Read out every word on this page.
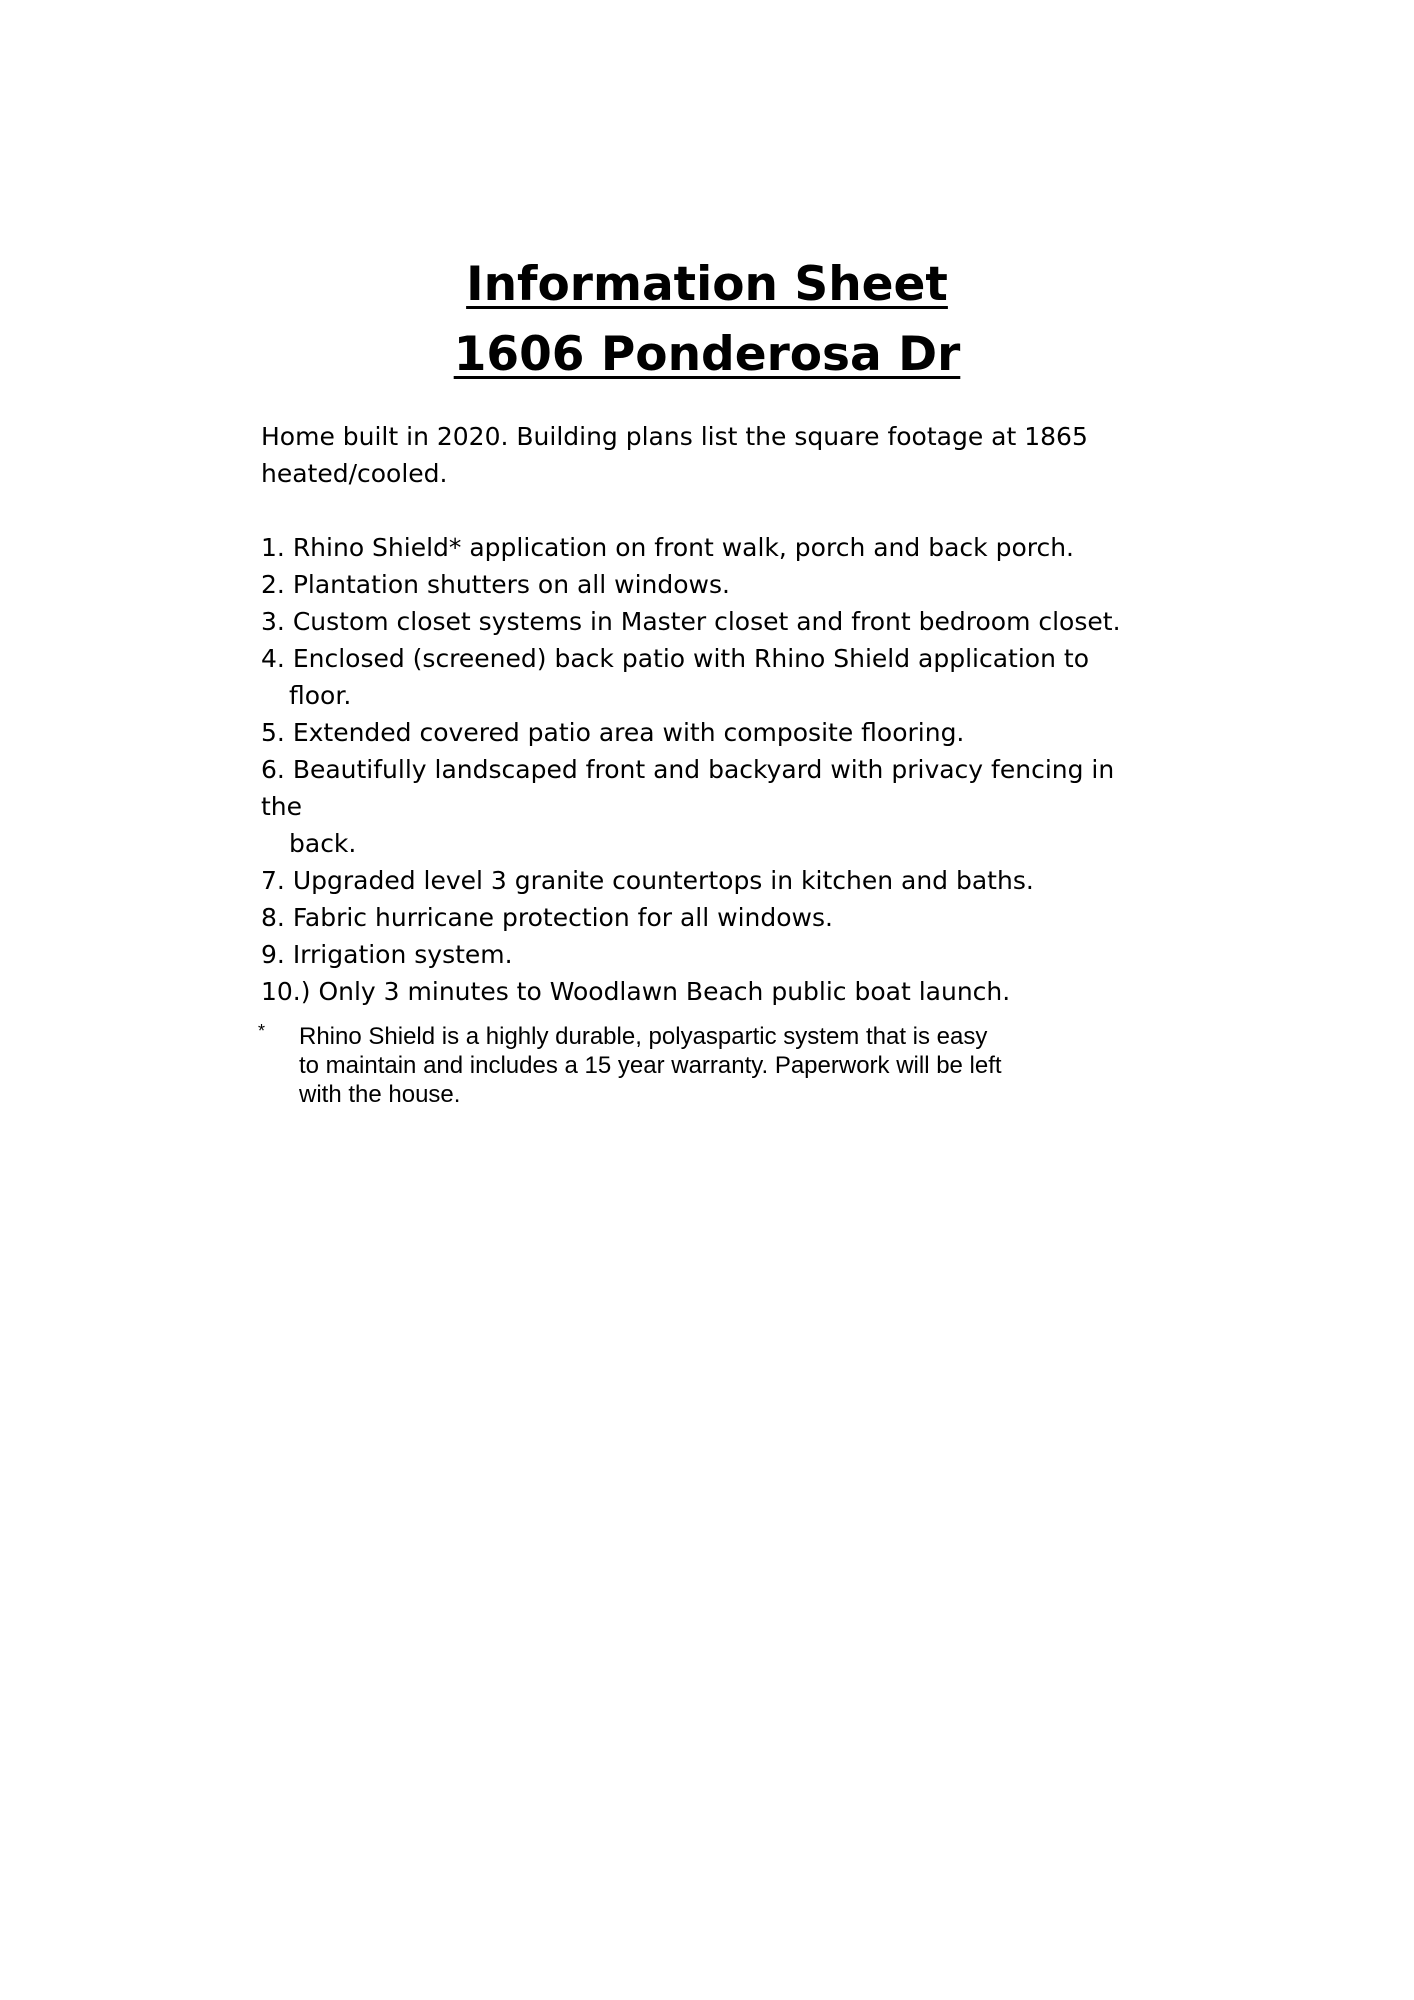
Information Sheet

1606 Ponderosa Dr

Home built in 2020. Building plans list the square footage at 1865
heated/cooled.

1. Rhino Shield* application on front walk, porch and back porch.
2. Plantation shutters on all windows.
3. Custom closet systems in Master closet and front bedroom closet.
4. Enclosed (screened) back patio with Rhino Shield application to
floor.
5. Extended covered patio area with composite flooring.
6. Beautifully landscaped front and backyard with privacy fencing in the
back.
7. Upgraded level 3 granite countertops in kitchen and baths.
8. Fabric hurricane protection for all windows.
9. Irrigation system.
10.) Only 3 minutes to Woodlawn Beach public boat launch.
* Rhino Shield is a highly durable, polyaspartic system that is easy
to maintain and includes a 15 year warranty. Paperwork will be left
with the house.
